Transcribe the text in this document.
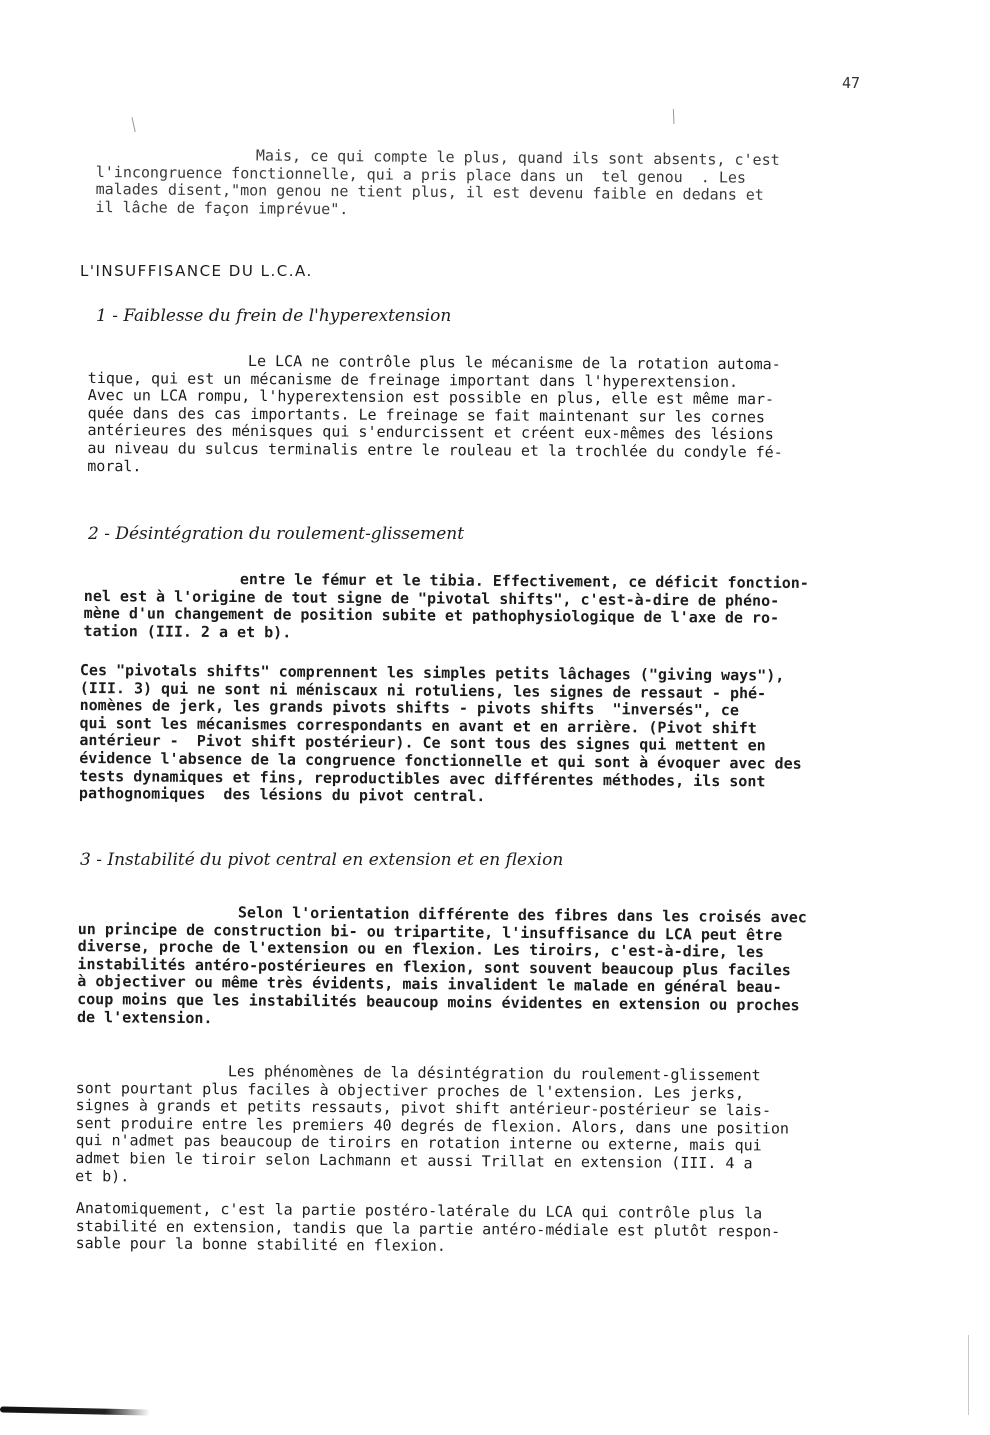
47
⁄	⁄
Mais, ce qui compte le plus, quand ils sont absents, c'est
l'incongruence fonctionnelle, qui a pris place dans un  tel genou  . Les
malades disent,"mon genou ne tient plus, il est devenu faible en dedans et
il lâche de façon imprévue".
L'INSUFFISANCE DU L.C.A.
1 - Faiblesse du frein de l'hyperextension
Le LCA ne contrôle plus le mécanisme de la rotation automa-
tique, qui est un mécanisme de freinage important dans l'hyperextension.
Avec un LCA rompu, l'hyperextension est possible en plus, elle est même mar-
quée dans des cas importants. Le freinage se fait maintenant sur les cornes
antérieures des ménisques qui s'endurcissent et créent eux-mêmes des lésions
au niveau du sulcus terminalis entre le rouleau et la trochlée du condyle fé-
moral.
2 - Désintégration du roulement-glissement
entre le fémur et le tibia. Effectivement, ce déficit fonction-
nel est à l'origine de tout signe de "pivotal shifts", c'est-à-dire de phéno-
mène d'un changement de position subite et pathophysiologique de l'axe de ro-
tation (III. 2 a et b).
Ces "pivotals shifts" comprennent les simples petits lâchages ("giving ways"),
(III. 3) qui ne sont ni méniscaux ni rotuliens, les signes de ressaut - phé-
nomènes de jerk, les grands pivots shifts - pivots shifts  "inversés", ce
qui sont les mécanismes correspondants en avant et en arrière. (Pivot shift
antérieur -  Pivot shift postérieur). Ce sont tous des signes qui mettent en
évidence l'absence de la congruence fonctionnelle et qui sont à évoquer avec des
tests dynamiques et fins, reproductibles avec différentes méthodes, ils sont
pathognomiques  des lésions du pivot central.
3 - Instabilité du pivot central en extension et en flexion
Selon l'orientation différente des fibres dans les croisés avec
un principe de construction bi- ou tripartite, l'insuffisance du LCA peut être
diverse, proche de l'extension ou en flexion. Les tiroirs, c'est-à-dire, les
instabilités antéro-postérieures en flexion, sont souvent beaucoup plus faciles
à objectiver ou même très évidents, mais invalident le malade en général beau-
coup moins que les instabilités beaucoup moins évidentes en extension ou proches
de l'extension.
Les phénomènes de la désintégration du roulement-glissement
sont pourtant plus faciles à objectiver proches de l'extension. Les jerks,
signes à grands et petits ressauts, pivot shift antérieur-postérieur se lais-
sent produire entre les premiers 40 degrés de flexion. Alors, dans une position
qui n'admet pas beaucoup de tiroirs en rotation interne ou externe, mais qui
admet bien le tiroir selon Lachmann et aussi Trillat en extension (III. 4 a
et b).
Anatomiquement, c'est la partie postéro-latérale du LCA qui contrôle plus la
stabilité en extension, tandis que la partie antéro-médiale est plutôt respon-
sable pour la bonne stabilité en flexion.
